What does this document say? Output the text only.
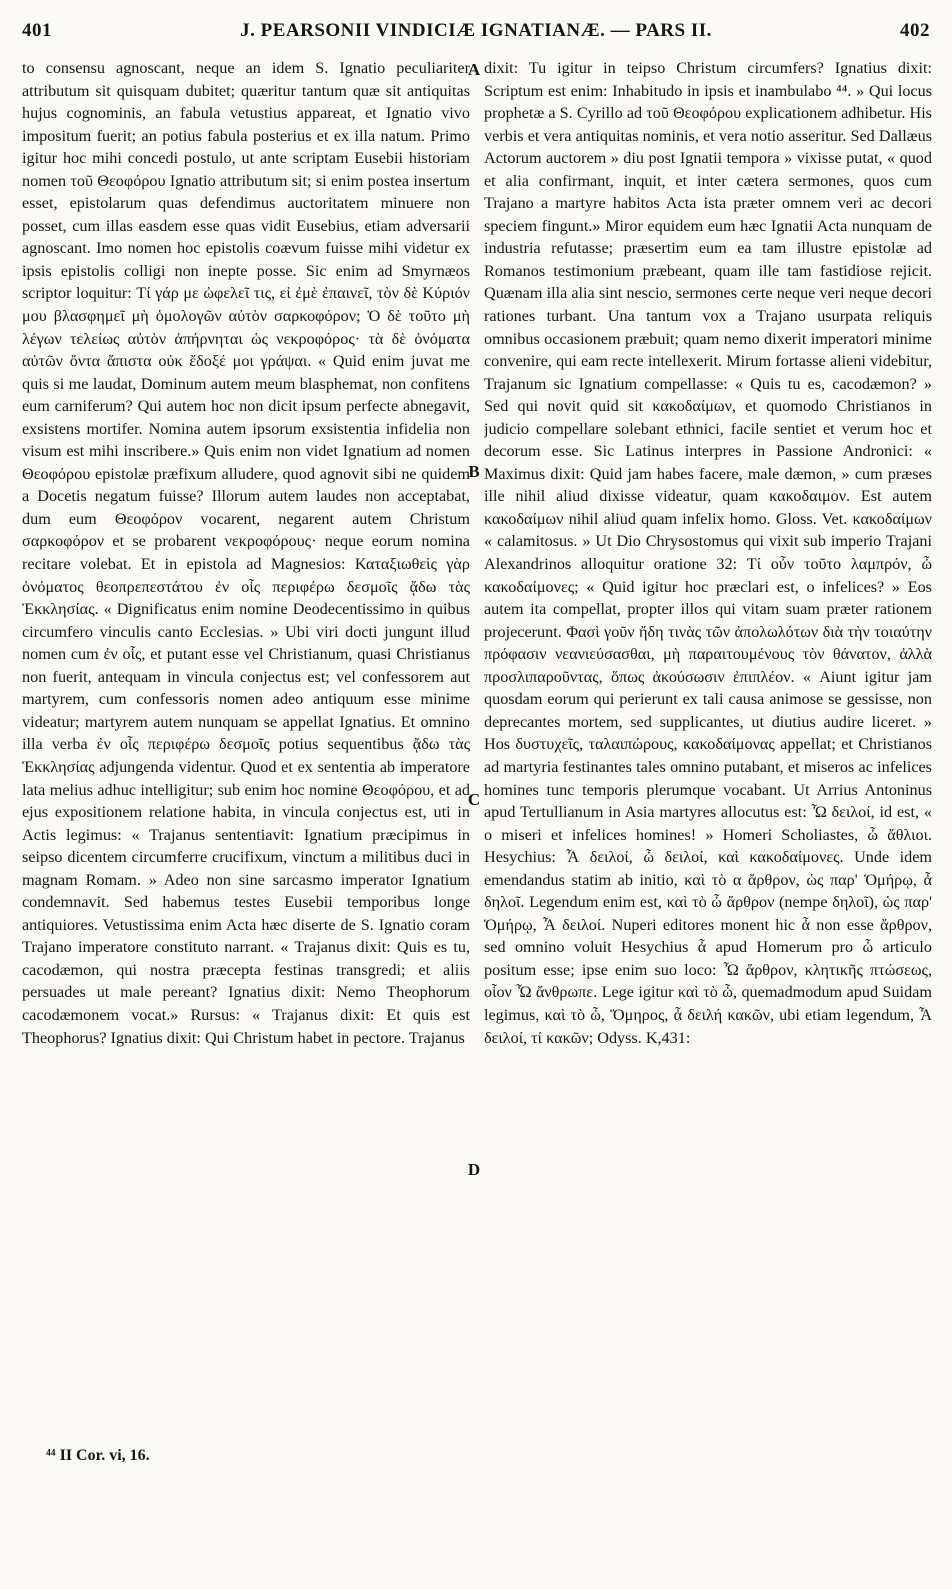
401	J. PEARSONII VINDICIÆ IGNATIANÆ. — PARS II.	402

to consensu agnoscant, neque an idem S. Ignatio peculiariter attributum sit quisquam dubitet; quæritur tantum quæ sit antiquitas hujus cognominis, an fabula vetustius appareat, et Ignatio vivo impositum fuerit; an potius fabula posterius et ex illa natum. Primo igitur hoc mihi concedi postulo, ut ante scriptam Eusebii historiam nomen τοῦ Θεοφόρου Ignatio attributum sit; si enim postea insertum esset, epistolarum quas defendimus auctoritatem minuere non posset, cum illas easdem esse quas vidit Eusebius, etiam adversarii agnoscant. Imo nomen hoc epistolis coævum fuisse mihi videtur ex ipsis epistolis colligi non inepte posse. Sic enim ad Smyrnæos scriptor loquitur: Τί γάρ με ὠφελεῖ τις, εἰ ἐμὲ ἐπαινεῖ, τὸν δὲ Κύριόν μου βλασφημεῖ μὴ ὁμολογῶν αὐτὸν σαρκοφόρον; Ὁ δὲ τοῦτο μὴ λέγων τελείως αὐτὸν ἀπήρνηται ὡς νεκροφόρος· τὰ δὲ ὀνόματα αὐτῶν ὄντα ἄπιστα οὐκ ἔδοξέ μοι γράψαι. « Quid enim juvat me quis si me laudat, Dominum autem meum blasphemat, non confitens eum carniferum? Qui autem hoc non dicit ipsum perfecte abnegavit, exsistens mortifer. Nomina autem ipsorum exsistentia infidelia non visum est mihi inscribere.» Quis enim non videt Ignatium ad nomen Θεοφόρου epistolæ præfixum alludere, quod agnovit sibi ne quidem a Docetis negatum fuisse? Illorum autem laudes non acceptabat, dum eum Θεοφόρον vocarent, negarent autem Christum σαρκοφόρον et se probarent νεκροφόρους· neque eorum nomina recitare volebat. Et in epistola ad Magnesios: Καταξιωθεὶς γὰρ ὀνόματος θεοπρεπεστάτου ἐν οἷς περιφέρω δεσμοῖς ᾄδω τὰς Ἐκκλησίας. « Dignificatus enim nomine Deodecentissimo in quibus circumfero vinculis canto Ecclesias. » Ubi viri docti jungunt illud nomen cum ἐν οἷς, et putant esse vel Christianum, quasi Christianus non fuerit, antequam in vincula conjectus est; vel confessorem aut martyrem, cum confessoris nomen adeo antiquum esse minime videatur; martyrem autem nunquam se appellat Ignatius. Et omnino illa verba ἐν οἷς περιφέρω δεσμοῖς potius sequentibus ᾄδω τὰς Ἐκκλησίας adjungenda videntur. Quod et ex sententia ab imperatore lata melius adhuc intelligitur; sub enim hoc nomine Θεοφόρου, et ad ejus expositionem relatione habita, in vincula conjectus est, uti in Actis legimus: « Trajanus sententiavit: Ignatium præcipimus in seipso dicentem circumferre crucifixum, vinctum a militibus duci in magnam Romam. » Adeo non sine sarcasmo imperator Ignatium condemnavit. Sed habemus testes Eusebii temporibus longe antiquiores. Vetustissima enim Acta hæc diserte de S. Ignatio coram Trajano imperatore constituto narrant. « Trajanus dixit: Quis es tu, cacodæmon, qui nostra præcepta festinas transgredi; et aliis persuades ut male pereant? Ignatius dixit: Nemo Theophorum cacodæmonem vocat.» Rursus: « Trajanus dixit: Et quis est Theophorus? Ignatius dixit: Qui Christum habet in pectore. Trajanus

A
B
C
D

dixit: Tu igitur in teipso Christum circumfers? Ignatius dixit: Scriptum est enim: Inhabitudo in ipsis et inambulabo ⁴⁴. » Qui locus prophetæ a S. Cyrillo ad τοῦ Θεοφόρου explicationem adhibetur. His verbis et vera antiquitas nominis, et vera notio asseritur. Sed Dallæus Actorum auctorem » diu post Ignatii tempora » vixisse putat, « quod et alia confirmant, inquit, et inter cætera sermones, quos cum Trajano a martyre habitos Acta ista præter omnem veri ac decori speciem fingunt.» Miror equidem eum hæc Ignatii Acta nunquam de industria refutasse; præsertim eum ea tam illustre epistolæ ad Romanos testimonium præbeant, quam ille tam fastidiose rejicit. Quænam illa alia sint nescio, sermones certe neque veri neque decori rationes turbant. Una tantum vox a Trajano usurpata reliquis omnibus occasionem præbuit; quam nemo dixerit imperatori minime convenire, qui eam recte intellexerit. Mirum fortasse alieni videbitur, Trajanum sic Ignatium compellasse: « Quis tu es, cacodæmon? » Sed qui novit quid sit κακοδαίμων, et quomodo Christianos in judicio compellare solebant ethnici, facile sentiet et verum hoc et decorum esse. Sic Latinus interpres in Passione Andronici: « Maximus dixit: Quid jam habes facere, male dæmon, » cum præses ille nihil aliud dixisse videatur, quam κακοδαιμον. Est autem κακοδαίμων nihil aliud quam infelix homo. Gloss. Vet. κακοδαίμων « calamitosus. » Ut Dio Chrysostomus qui vixit sub imperio Trajani Alexandrinos alloquitur oratione 32: Τί οὖν τοῦτο λαμπρόν, ὦ κακοδαίμονες; « Quid igitur hoc præclari est, o infelices? » Eos autem ita compellat, propter illos qui vitam suam præter rationem projecerunt. Φασὶ γοῦν ἤδη τινὰς τῶν ἀπολωλότων διὰ τὴν τοιαύτην πρόφασιν νεανιεύσασθαι, μὴ παραιτουμένους τὸν θάνατον, ἀλλὰ προσλιπαροῦντας, ὅπως ἀκούσωσιν ἐπιπλέον. « Aiunt igitur jam quosdam eorum qui perierunt ex tali causa animose se gessisse, non deprecantes mortem, sed supplicantes, ut diutius audire liceret. » Hos δυστυχεῖς, ταλαιπώρους, κακοδαίμονας appellat; et Christianos ad martyria festinantes tales omnino putabant, et miseros ac infelices homines tunc temporis plerumque vocabant. Ut Arrius Antoninus apud Tertullianum in Asia martyres allocutus est: Ὦ δειλοί, id est, « o miseri et infelices homines! » Homeri Scholiastes, ὦ ἄθλιοι. Hesychius: Ἆ δειλοί, ὦ δειλοί, καὶ κακοδαίμονες. Unde idem emendandus statim ab initio, καὶ τὸ α ἄρθρον, ὡς παρ' Ὁμήρῳ, ἆ δηλοῖ. Legendum enim est, καὶ τὸ ὦ ἄρθρον (nempe δηλοῖ), ὡς παρ' Ὁμήρῳ, Ἆ δειλοί. Nuperi editores monent hic ἆ non esse ἄρθρον, sed omnino voluit Hesychius ἆ apud Homerum pro ὦ articulo positum esse; ipse enim suo loco: Ὦ ἄρθρον, κλητικῆς πτώσεως, οἷον Ὦ ἄνθρωπε. Lege igitur καὶ τὸ ὦ, quemadmodum apud Suidam legimus, καὶ τὸ ὦ, Ὅμηρος, ἆ δειλή κακῶν, ubi etiam legendum, Ἆ δειλοί, τί κακῶν; Odyss. K,431:

⁴⁴ II Cor. vi, 16.
